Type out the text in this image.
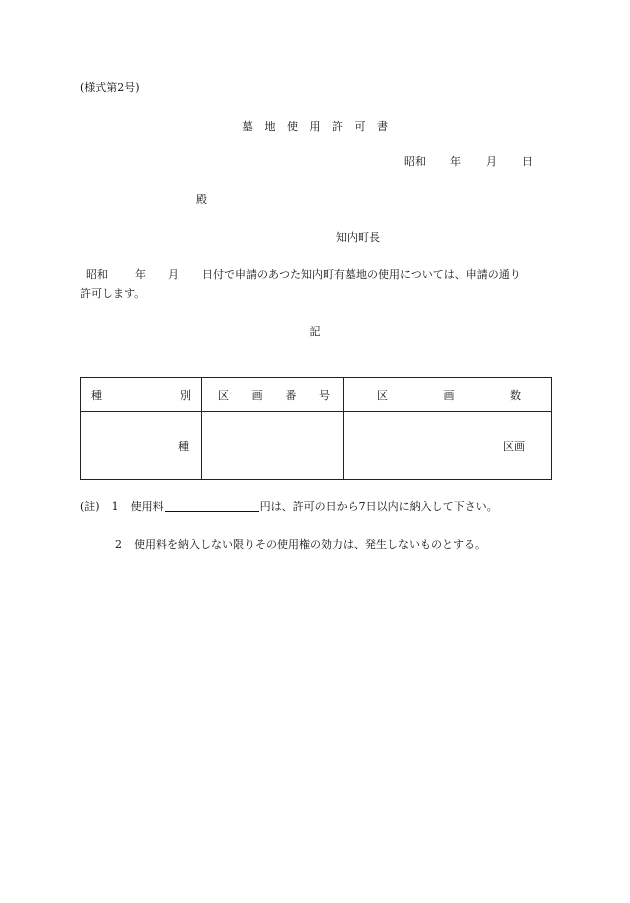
(様式第2号)
墓 地 使 用 許 可 書
昭和 年 月 日
殿
知内町長
昭和 年 月 日付で申請のあつた知内町有墓地の使用については、申請の通り
許可します。
記
種 別	区 画 番 号	区 画 数

種		区画
(註) 1 使用料	円は、許可の日から7日以内に納入して下さい。
2 使用料を納入しない限りその使用権の効力は、発生しないものとする。
